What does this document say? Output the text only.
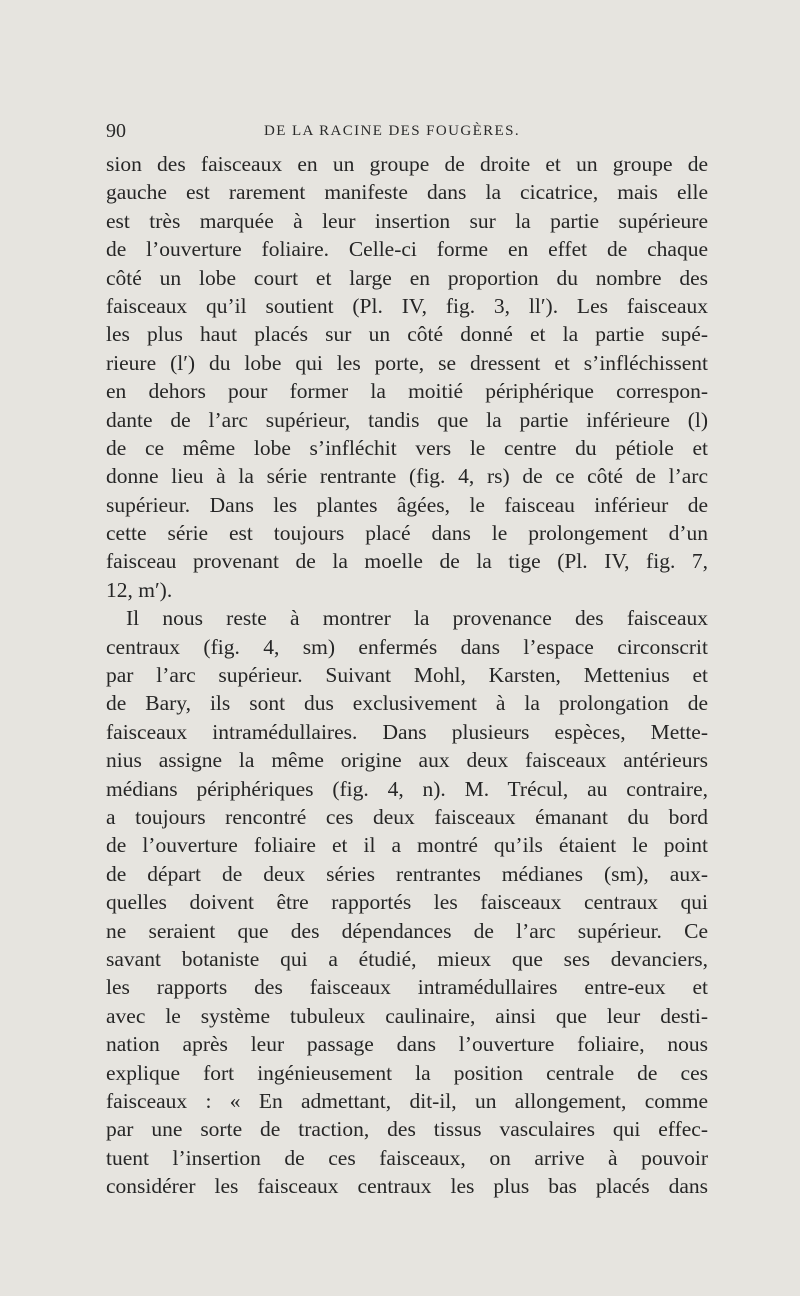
90	DE LA RACINE DES FOUGÈRES.
sion des faisceaux en un groupe de droite et un groupe de
gauche est rarement manifeste dans la cicatrice, mais elle
est très marquée à leur insertion sur la partie supérieure
de l’ouverture foliaire. Celle-ci forme en effet de chaque
côté un lobe court et large en proportion du nombre des
faisceaux qu’il soutient (Pl. IV, fig. 3, ll′). Les faisceaux
les plus haut placés sur un côté donné et la partie supé-
rieure (l′) du lobe qui les porte, se dressent et s’infléchissent
en dehors pour former la moitié périphérique correspon-
dante de l’arc supérieur, tandis que la partie inférieure (l)
de ce même lobe s’infléchit vers le centre du pétiole et
donne lieu à la série rentrante (fig. 4, rs) de ce côté de l’arc
supérieur. Dans les plantes âgées, le faisceau inférieur de
cette série est toujours placé dans le prolongement d’un
faisceau provenant de la moelle de la tige (Pl. IV, fig. 7,
12, m′).
Il nous reste à montrer la provenance des faisceaux
centraux (fig. 4, sm) enfermés dans l’espace circonscrit
par l’arc supérieur. Suivant Mohl, Karsten, Mettenius et
de Bary, ils sont dus exclusivement à la prolongation de
faisceaux intramédullaires. Dans plusieurs espèces, Mette-
nius assigne la même origine aux deux faisceaux antérieurs
médians périphériques (fig. 4, n). M. Trécul, au contraire,
a toujours rencontré ces deux faisceaux émanant du bord
de l’ouverture foliaire et il a montré qu’ils étaient le point
de départ de deux séries rentrantes médianes (sm), aux-
quelles doivent être rapportés les faisceaux centraux qui
ne seraient que des dépendances de l’arc supérieur. Ce
savant botaniste qui a étudié, mieux que ses devanciers,
les rapports des faisceaux intramédullaires entre-eux et
avec le système tubuleux caulinaire, ainsi que leur desti-
nation après leur passage dans l’ouverture foliaire, nous
explique fort ingénieusement la position centrale de ces
faisceaux : « En admettant, dit-il, un allongement, comme
par une sorte de traction, des tissus vasculaires qui effec-
tuent l’insertion de ces faisceaux, on arrive à pouvoir
considérer les faisceaux centraux les plus bas placés dans
